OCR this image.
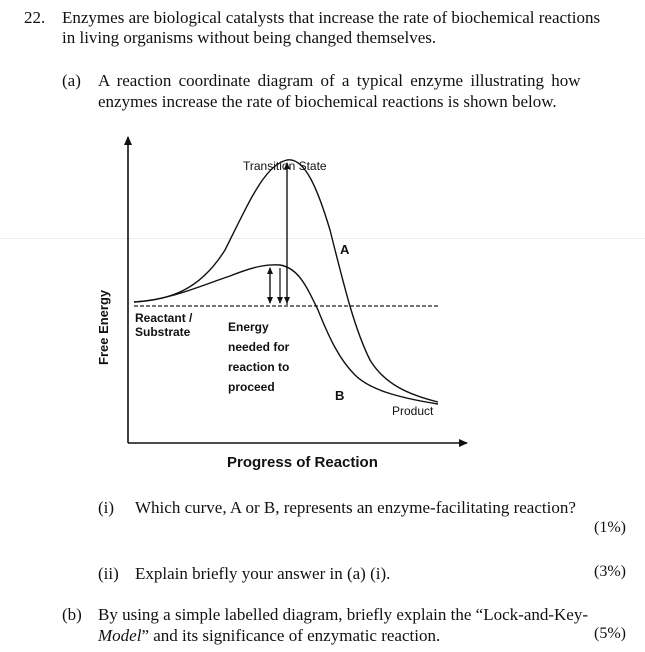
22. Enzymes are biological catalysts that increase the rate of biochemical reactions
in living organisms without being changed themselves.
(a) A reaction coordinate diagram of a typical enzyme illustrating how
enzymes increase the rate of biochemical reactions is shown below.
Free Energy
Progress of Reaction
Transition State
A
B
Reactant /
Substrate	Energy
needed for
reaction to
proceed
Product
(i) Which curve, A or B, represents an enzyme-facilitating reaction?
(1%)
(ii) Explain briefly your answer in (a) (i).	(3%)
(b) By using a simple labelled diagram, briefly explain the “Lock-and-Key-
Model” and its significance of enzymatic reaction.	(5%)
